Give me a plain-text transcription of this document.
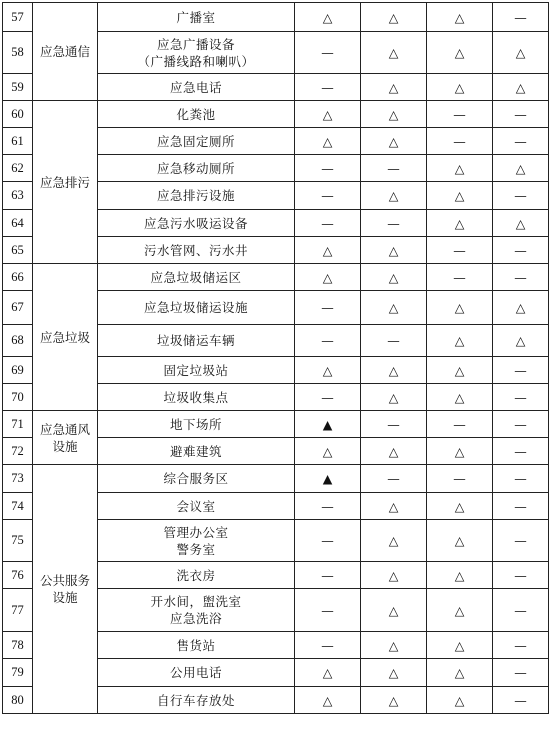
57	应急通信	广播室	△	△	△	—
58		应急广播设备
（广播线路和喇叭）	—	△	△	△
59		应急电话	—	△	△	△
60	应急排污	化粪池	△	△	—	—
61		应急固定厕所	△	△	—	—
62		应急移动厕所	—	—	△	△
63		应急排污设施	—	△	△	—
64		应急污水吸运设备	—	—	△	△
65		污水管网、污水井	△	△	—	—
66	应急垃圾	应急垃圾储运区	△	△	—	—
67		应急垃圾储运设施	—	△	△	△
68		垃圾储运车辆	—	—	△	△
69		固定垃圾站	△	△	△	—
70		垃圾收集点	—	△	△	—
71	应急通风
设施	地下场所	▲	—	—	—
72		避难建筑	△	△	△	—
73	公共服务
设施	综合服务区	▲	—	—	—
74		会议室	—	△	△	—
75		管理办公室
警务室	—	△	△	—
76		洗衣房	—	△	△	—
77		开水间，盥洗室
应急洗浴	—	△	△	—
78		售货站	—	△	△	—
79		公用电话	△	△	△	—
80		自行车存放处	△	△	△	—
